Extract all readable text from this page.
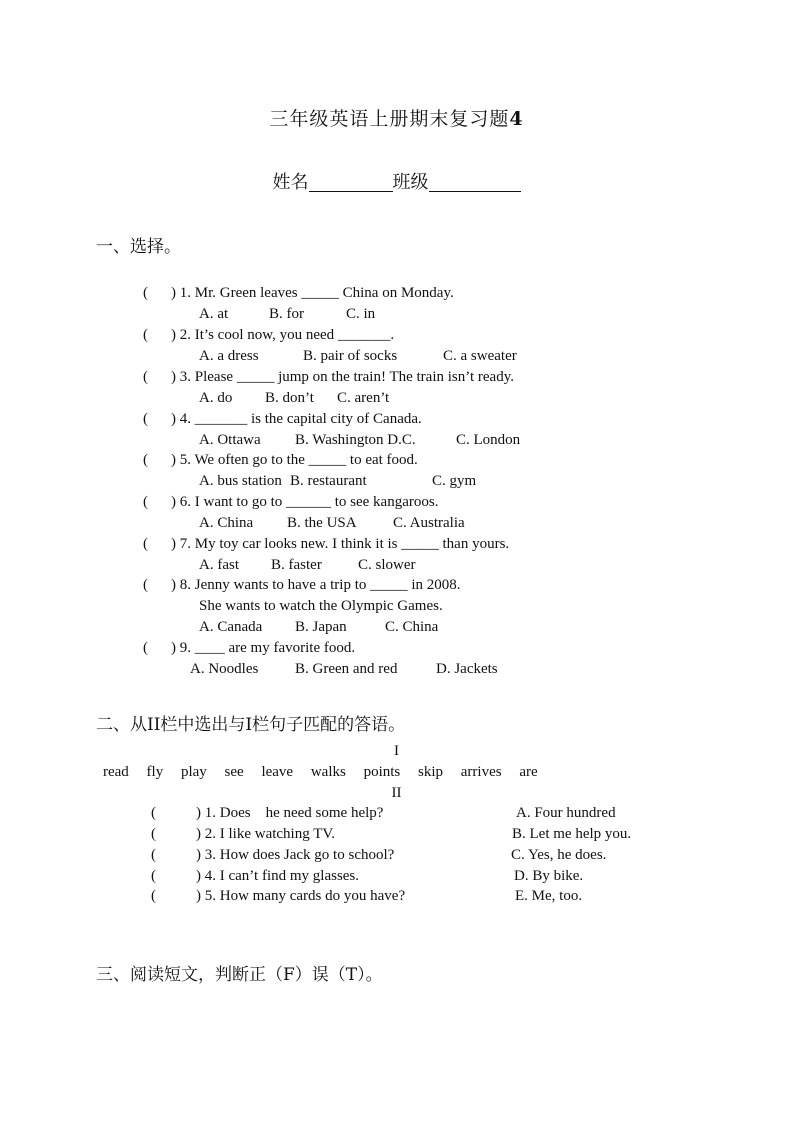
三年级英语上册期末复习题4
姓名	班级
一、选择。
( ) 1. Mr. Green leaves _____ China on Monday.
A. at	B. for	C. in
( ) 2. It’s cool now, you need _______.
A. a dress	B. pair of socks	C. a sweater
( ) 3. Please _____ jump on the train! The train isn’t ready.
A. do B. don’t C. aren’t
( ) 4. _______ is the capital city of Canada.
A. Ottawa B. Washington D.C.	C. London
( ) 5. We often go to the _____ to eat food.
A. bus station B. restaurant	C. gym
( ) 6. I want to go to ______ to see kangaroos.
A. China B. the USA C. Australia
( ) 7. My toy car looks new. I think it is _____ than yours.
A. fast B. faster C. slower
( ) 8. Jenny wants to have a trip to _____ in 2008.
She wants to watch the Olympic Games.
A. Canada B. Japan	C. China
( ) 9. ____ are my favorite food.
A. Noodles B. Green and red	D. Jackets
二、从II栏中选出与I栏句子匹配的答语。
I
read fly play see leave walks points skip arrives are
II
(	) 1. Does    he need some help?	A. Four hundred
(	) 2. I like watching TV.	B. Let me help you.
(	) 3. How does Jack go to school?	C. Yes, he does.
(	) 4. I can’t find my glasses.	D. By bike.
(	) 5. How many cards do you have?	E. Me, too.
三、阅读短文，判断正（F）误（T）。
